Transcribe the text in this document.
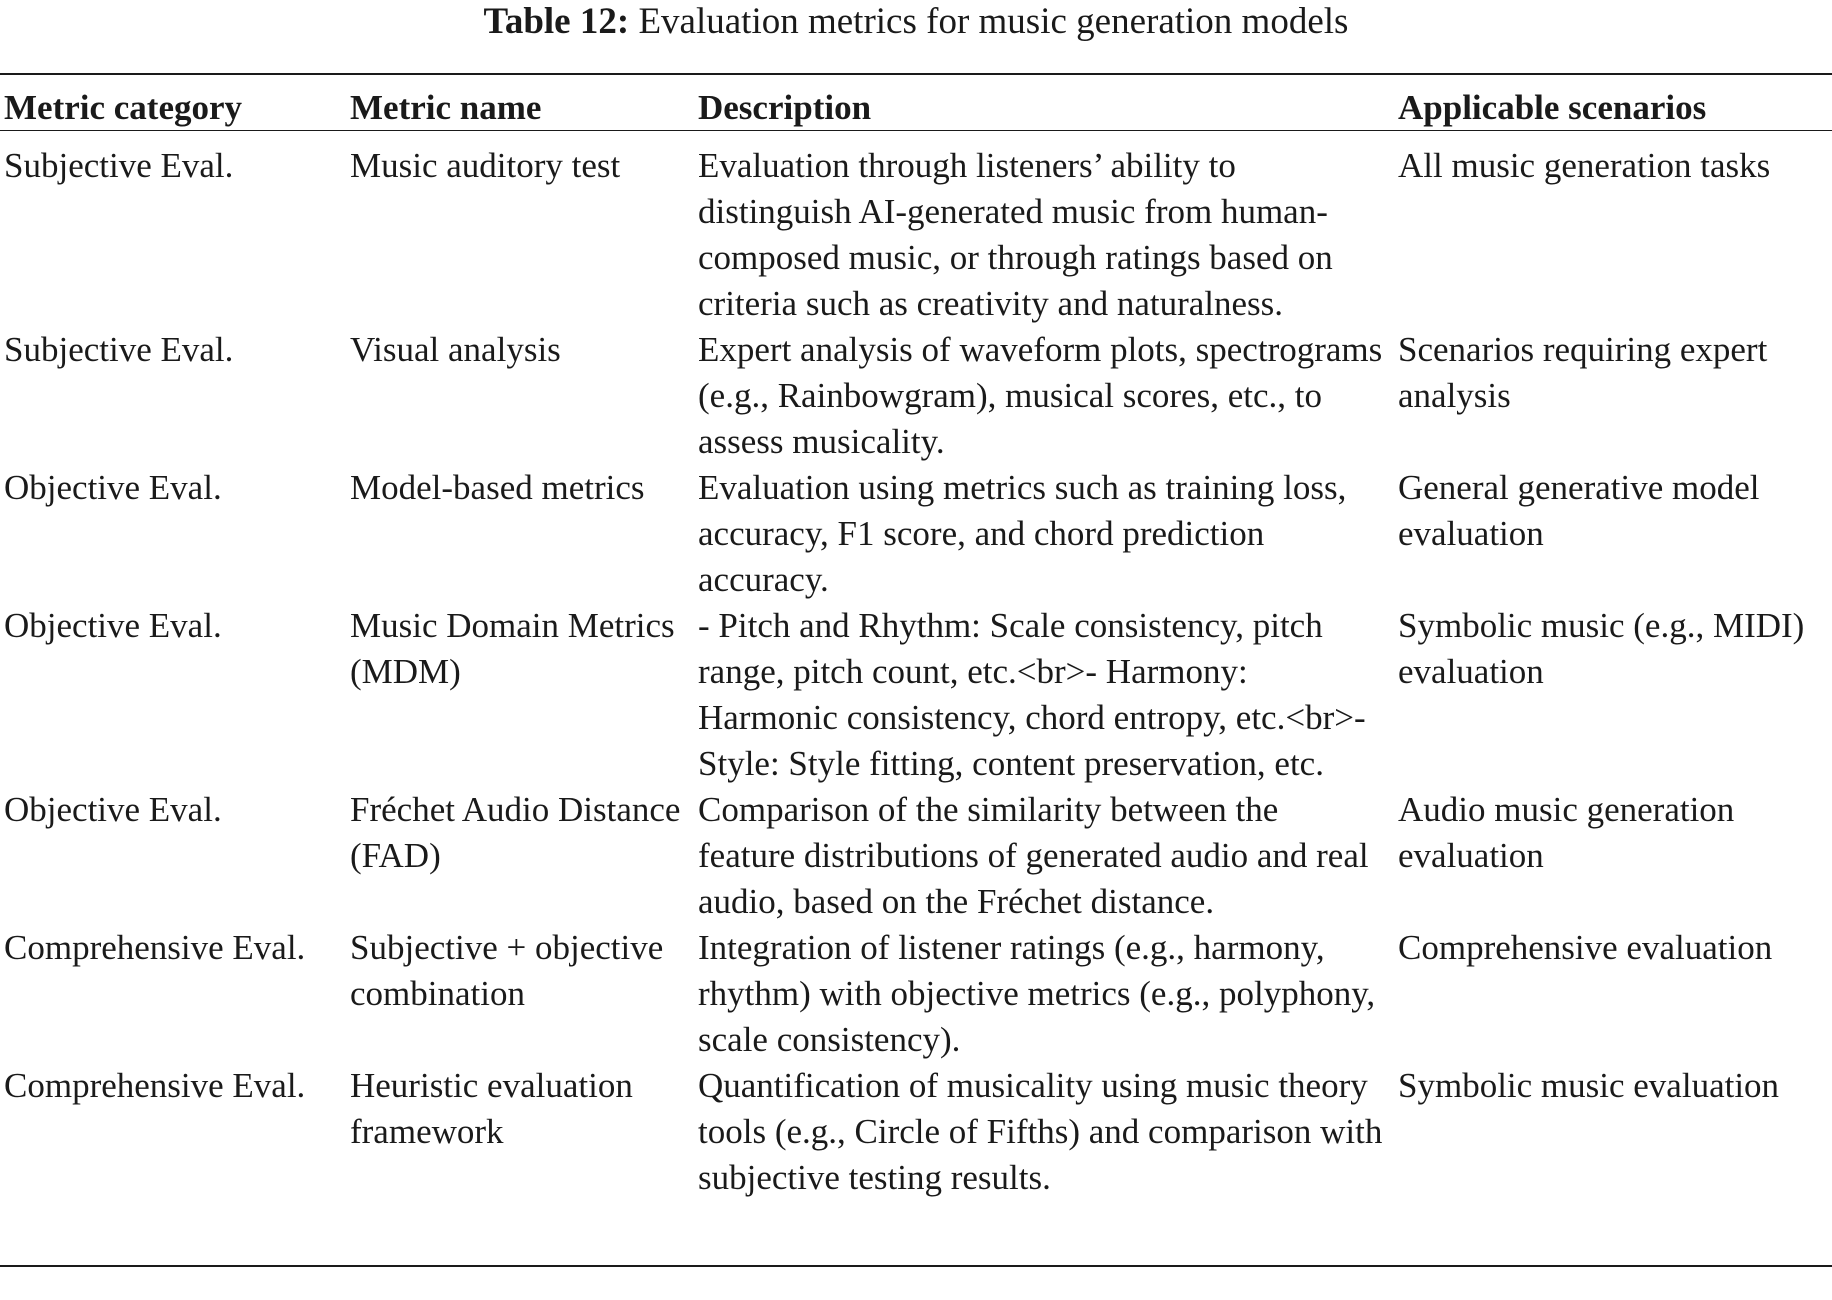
Table 12: Evaluation metrics for music generation models
Metric category	Metric name	Description	Applicable scenarios
Subjective Eval.	Music auditory test	Evaluation through listeners’ ability to distinguish AI-generated music from human-composed music, or through ratings based on criteria such as creativity and naturalness.	All music generation tasks
Subjective Eval.	Visual analysis	Expert analysis of waveform plots, spectrograms (e.g., Rainbowgram), musical scores, etc., to assess musicality.	Scenarios requiring expert analysis
Objective Eval.	Model-based metrics	Evaluation using metrics such as training loss, accuracy, F1 score, and chord prediction accuracy.	General generative model evaluation
Objective Eval.	Music Domain Metrics (MDM)	- Pitch and Rhythm: Scale consistency, pitch range, pitch count, etc.<br>- Harmony: Harmonic consistency, chord entropy, etc.<br>- Style: Style fitting, content preservation, etc.	Symbolic music (e.g., MIDI) evaluation
Objective Eval.	Fréchet Audio Distance (FAD)	Comparison of the similarity between the feature distributions of generated audio and real audio, based on the Fréchet distance.	Audio music generation evaluation
Comprehensive Eval.	Subjective + objective combination	Integration of listener ratings (e.g., harmony, rhythm) with objective metrics (e.g., polyphony, scale consistency).	Comprehensive evaluation
Comprehensive Eval.	Heuristic evaluation framework	Quantification of musicality using music theory tools (e.g., Circle of Fifths) and comparison with subjective testing results.	Symbolic music evaluation
